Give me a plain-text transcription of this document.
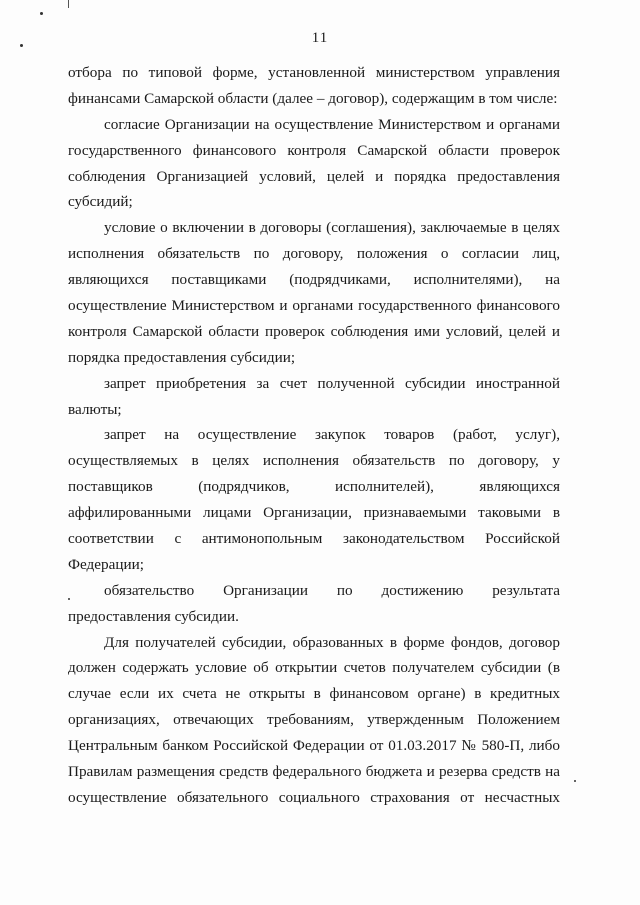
11
отбора по типовой форме, установленной министерством управления
финансами Самарской области (далее – договор), содержащим в том числе:
согласие Организации на осуществление Министерством и органами
государственного финансового контроля Самарской области проверок
соблюдения Организацией условий, целей и порядка предоставления
субсидий;
условие о включении в договоры (соглашения), заключаемые в целях
исполнения обязательств по договору, положения о согласии лиц,
являющихся поставщиками (подрядчиками, исполнителями), на
осуществление Министерством и органами государственного финансового
контроля Самарской области проверок соблюдения ими условий, целей и
порядка предоставления субсидии;
запрет приобретения за счет полученной субсидии иностранной
валюты;
запрет на осуществление закупок товаров (работ, услуг),
осуществляемых в целях исполнения обязательств по договору, у
поставщиков (подрядчиков, исполнителей), являющихся
аффилированными лицами Организации, признаваемыми таковыми в
соответствии с антимонопольным законодательством Российской
Федерации;
обязательство Организации по достижению результата
предоставления субсидии.
Для получателей субсидии, образованных в форме фондов, договор
должен содержать условие об открытии счетов получателем субсидии (в
случае если их счета не открыты в финансовом органе) в кредитных
организациях, отвечающих требованиям, утвержденным Положением
Центральным банком Российской Федерации от 01.03.2017 № 580-П, либо
Правилам размещения средств федерального бюджета и резерва средств на
осуществление обязательного социального страхования от несчастных
